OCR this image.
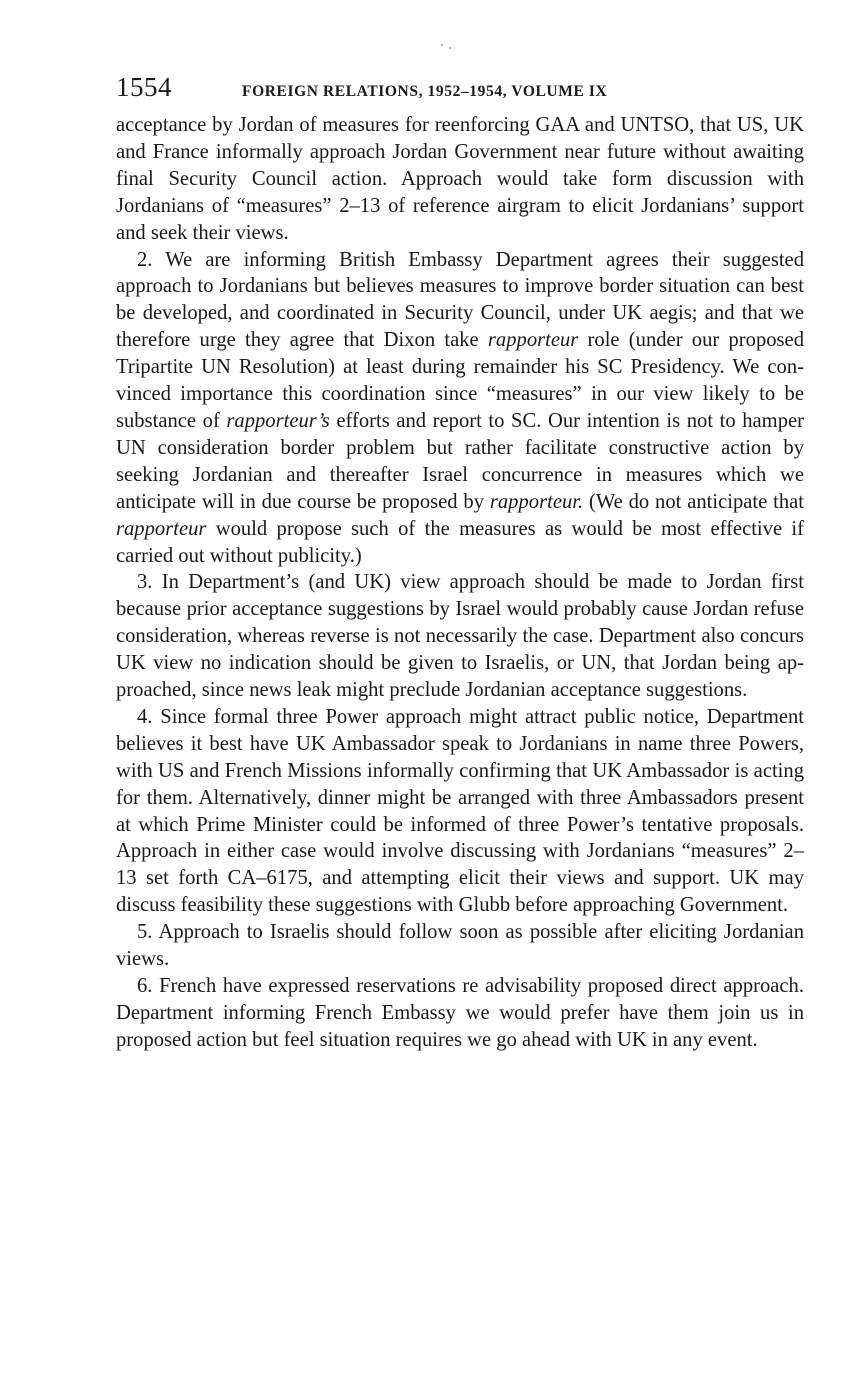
1554	FOREIGN RELATIONS, 1952–1954, VOLUME IX

acceptance by Jordan of measures for reenforcing GAA and UNTSO, that US, UK and France informally approach Jordan Government near future without awaiting final Security Council action. Approach would take form discussion with Jordanians of “measures” 2–13 of reference airgram to elicit Jordanians’ support and seek their views.

2. We are informing British Embassy Department agrees their suggested approach to Jordanians but believes measures to improve border situation can best be developed, and coordinated in Security Council, under UK aegis; and that we therefore urge they agree that Dixon take rapporteur role (under our proposed Tripartite UN Resolution) at least during remainder his SC Presidency. We convinced importance this coordination since “measures” in our view likely to be substance of rapporteur’s efforts and report to SC. Our intention is not to hamper UN consideration border problem but rather facilitate constructive action by seeking Jordanian and thereafter Israel concurrence in measures which we anticipate will in due course be proposed by rapporteur. (We do not anticipate that rapporteur would propose such of the measures as would be most effective if carried out without publicity.)

3. In Department’s (and UK) view approach should be made to Jordan first because prior acceptance suggestions by Israel would probably cause Jordan refuse consideration, whereas reverse is not necessarily the case. Department also concurs UK view no indication should be given to Israelis, or UN, that Jordan being approached, since news leak might preclude Jordanian acceptance suggestions.

4. Since formal three Power approach might attract public notice, Department believes it best have UK Ambassador speak to Jordanians in name three Powers, with US and French Missions informally confirming that UK Ambassador is acting for them. Alternatively, dinner might be arranged with three Ambassadors present at which Prime Minister could be informed of three Power’s tentative proposals. Approach in either case would involve discussing with Jordanians “measures” 2–13 set forth CA–6175, and attempting elicit their views and support. UK may discuss feasibility these suggestions with Glubb before approaching Government.

5. Approach to Israelis should follow soon as possible after eliciting Jordanian views.

6. French have expressed reservations re advisability proposed direct approach. Department informing French Embassy we would prefer have them join us in proposed action but feel situation requires we go ahead with UK in any event.
